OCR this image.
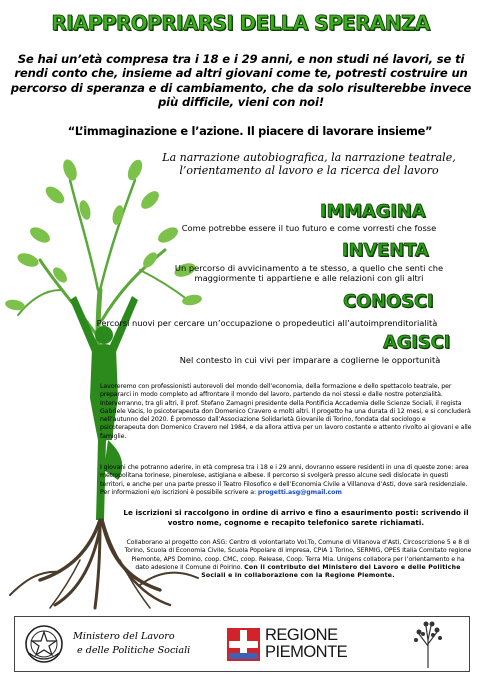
RIAPPROPRIARSI DELLA SPERANZA
Se hai un’età compresa tra i 18 e i 29 anni, e non studi né lavori, se ti rendi conto che, insieme ad altri giovani come te, potresti costruire un percorso di speranza e di cambiamento, che da solo risulterebbe invece più difficile, vieni con noi!
“L’immaginazione e l’azione. Il piacere di lavorare insieme”
La narrazione autobiografica, la narrazione teatrale, l’orientamento al lavoro e la ricerca del lavoro
IMMAGINA
Come potrebbe essere il tuo futuro e come vorresti che fosse
INVENTA
Un percorso di avvicinamento a te stesso, a quello che senti che maggiormente ti appartiene e alle relazioni con gli altri
CONOSCI
Percorsi nuovi per cercare un’occupazione o propedeutici all’autoimprenditorialità
AGISCI
Nel contesto in cui vivi per imparare a coglierne le opportunità
Lavoreremo con professionisti autorevoli del mondo dell’economia, della formazione e dello spettacolo teatrale, per prepararci in modo completo ad affrontare il mondo del lavoro, partendo da noi stessi e dalle nostre potenzialità. Interverranno, tra gli altri, il prof. Stefano Zamagni presidente della Pontificia Accademia delle Scienze Sociali, il regista Gabriele Vacis, lo psicoterapeuta don Domenico Cravero e molti altri. Il progetto ha una durata di 12 mesi, e si concluderà nell’autunno del 2020. È promosso dall’Associazione Solidarietà Giovanile di Torino, fondata dal sociologo e psicoterapeuta don Domenico Cravero nel 1984, e da allora attiva per un lavoro costante e attento rivolto ai giovani e alle famiglie.
I giovani che potranno aderire, in età compresa tra i 18 e i 29 anni, dovranno essere residenti in una di queste zone: area metropolitana torinese, pinerolese, astigiana e albese. Il percorso si svolgerà presso alcune sedi dislocate in questi territori, e anche per una parte presso il Teatro Filosofico e dell’Economia Civile a Villanova d’Asti, dove sarà residenziale. Per informazioni e/o iscrizioni è possibile scrivere a: progetti.asg@gmail.com
Le iscrizioni si raccolgono in ordine di arrivo e fino a esaurimento posti: scrivendo il vostro nome, cognome e recapito telefonico sarete richiamati.
Collaborano al progetto con ASG: Centro di volontariato Vol.To, Comune di Villanova d’Asti, Circoscrizione 5 e 8 di Torino, Scuola di Economia Civile, Scuola Popolare di impresa, CPIA 1 Torino, SERMIG, OPES Italia Comitato regione Piemonte, APS Domino, coop. CMC, coop. Release, Coop. Terra Mia. Unigens collabora per l’orientamento e ha dato adesione il Comune di Poirino. Con il contributo del Ministero del Lavoro e delle Politiche Sociali e in collaborazione con la Regione Piemonte.
Ministero del Lavoro
e delle Politiche Sociali
REGIONE
PIEMONTE
